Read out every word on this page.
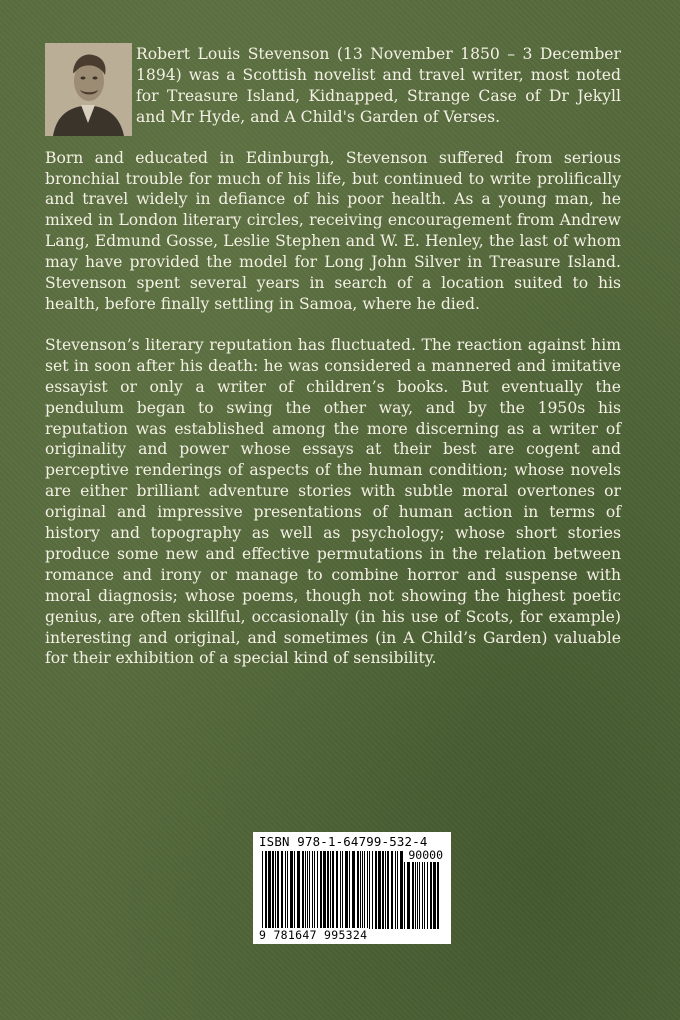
Robert Louis Stevenson (13 November 1850 – 3 December 1894) was a Scottish novelist and travel writer, most noted for Treasure Island, Kidnapped, Strange Case of Dr Jekyll and Mr Hyde, and A Child's Garden of Verses.

Born and educated in Edinburgh, Stevenson suffered from serious bronchial trouble for much of his life, but continued to write prolifically and travel widely in defiance of his poor health. As a young man, he mixed in London literary circles, receiving encouragement from Andrew Lang, Edmund Gosse, Leslie Stephen and W. E. Henley, the last of whom may have provided the model for Long John Silver in Treasure Island. Stevenson spent several years in search of a location suited to his health, before finally settling in Samoa, where he died.

Stevenson’s literary reputation has fluctuated. The reaction against him set in soon after his death: he was considered a mannered and imitative essayist or only a writer of children’s books. But eventually the pendulum began to swing the other way, and by the 1950s his reputation was established among the more discerning as a writer of originality and power whose essays at their best are cogent and perceptive renderings of aspects of the human condition; whose novels are either brilliant adventure stories with subtle moral overtones or original and impressive presentations of human action in terms of history and topography as well as psychology; whose short stories produce some new and effective permutations in the relation between romance and irony or manage to combine horror and suspense with moral diagnosis; whose poems, though not showing the highest poetic genius, are often skillful, occasionally (in his use of Scots, for example) interesting and original, and sometimes (in A Child’s Garden) valuable for their exhibition of a special kind of sensibility.

ISBN 978-1-64799-532-4
90000
9 781647 995324
